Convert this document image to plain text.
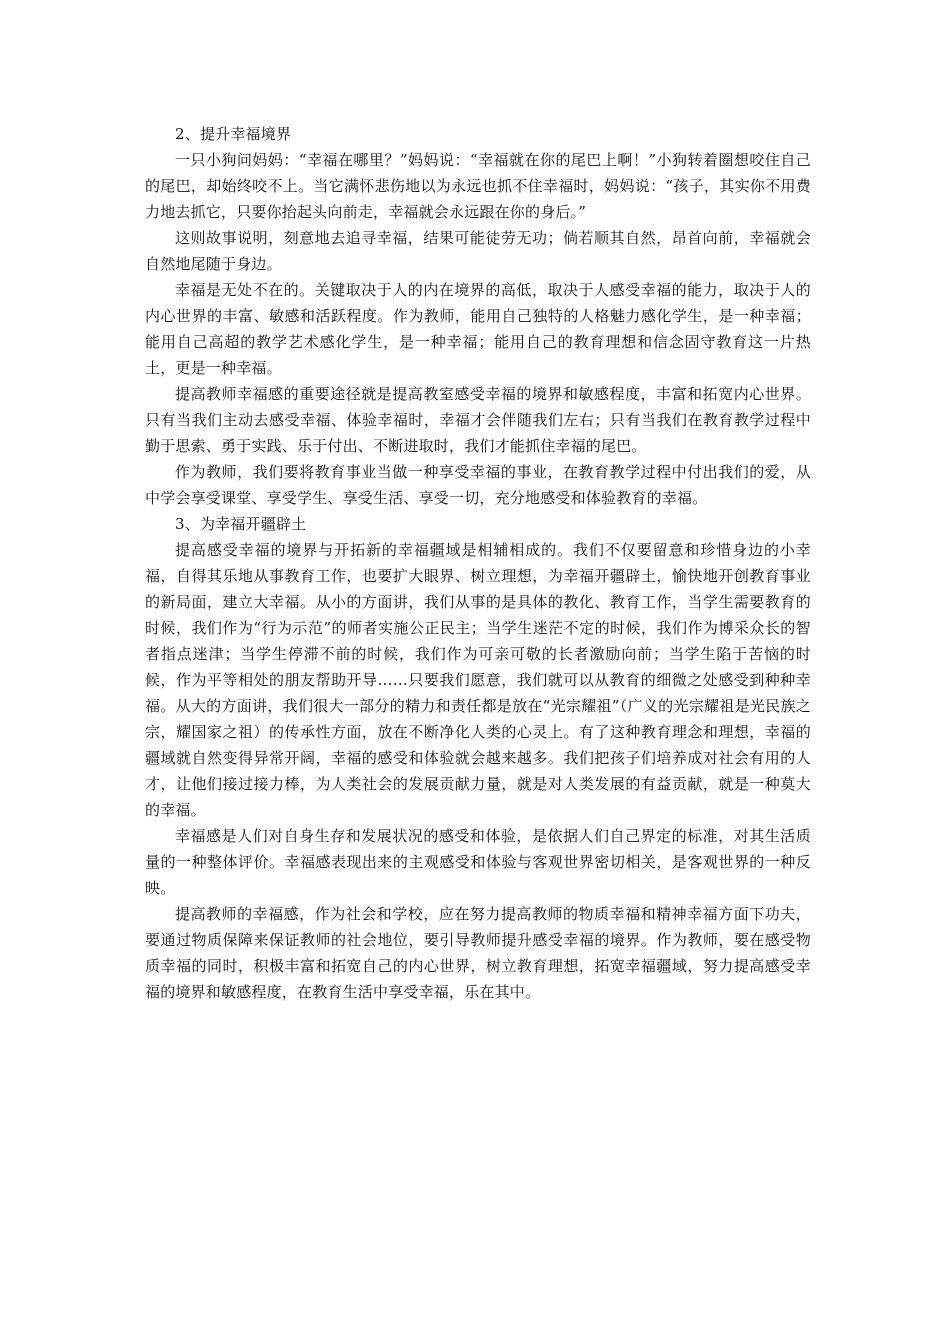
2、提升幸福境界

一只小狗问妈妈：“幸福在哪里？”妈妈说：“幸福就在你的尾巴上啊！”小狗转着圈想咬住自己的尾巴，却始终咬不上。当它满怀悲伤地以为永远也抓不住幸福时，妈妈说：“孩子，其实你不用费力地去抓它，只要你抬起头向前走，幸福就会永远跟在你的身后。”

这则故事说明，刻意地去追寻幸福，结果可能徒劳无功；倘若顺其自然，昂首向前，幸福就会自然地尾随于身边。

幸福是无处不在的。关键取决于人的内在境界的高低，取决于人感受幸福的能力，取决于人的内心世界的丰富、敏感和活跃程度。作为教师，能用自己独特的人格魅力感化学生，是一种幸福；能用自己高超的教学艺术感化学生，是一种幸福；能用自己的教育理想和信念固守教育这一片热土，更是一种幸福。

提高教师幸福感的重要途径就是提高教室感受幸福的境界和敏感程度，丰富和拓宽内心世界。只有当我们主动去感受幸福、体验幸福时，幸福才会伴随我们左右；只有当我们在教育教学过程中勤于思索、勇于实践、乐于付出、不断进取时，我们才能抓住幸福的尾巴。

作为教师，我们要将教育事业当做一种享受幸福的事业，在教育教学过程中付出我们的爱，从中学会享受课堂、享受学生、享受生活、享受一切，充分地感受和体验教育的幸福。

3、为幸福开疆辟土

提高感受幸福的境界与开拓新的幸福疆域是相辅相成的。我们不仅要留意和珍惜身边的小幸福，自得其乐地从事教育工作，也要扩大眼界、树立理想，为幸福开疆辟土，愉快地开创教育事业的新局面，建立大幸福。从小的方面讲，我们从事的是具体的教化、教育工作，当学生需要教育的时候，我们作为“行为示范”的师者实施公正民主；当学生迷茫不定的时候，我们作为博采众长的智者指点迷津；当学生停滞不前的时候，我们作为可亲可敬的长者激励向前；当学生陷于苦恼的时候，作为平等相处的朋友帮助开导……只要我们愿意，我们就可以从教育的细微之处感受到种种幸福。从大的方面讲，我们很大一部分的精力和责任都是放在“光宗耀祖”（广义的光宗耀祖是光民族之宗，耀国家之祖）的传承性方面，放在不断净化人类的心灵上。有了这种教育理念和理想，幸福的疆域就自然变得异常开阔，幸福的感受和体验就会越来越多。我们把孩子们培养成对社会有用的人才，让他们接过接力棒，为人类社会的发展贡献力量，就是对人类发展的有益贡献，就是一种莫大的幸福。

幸福感是人们对自身生存和发展状况的感受和体验，是依据人们自己界定的标准，对其生活质量的一种整体评价。幸福感表现出来的主观感受和体验与客观世界密切相关，是客观世界的一种反映。

提高教师的幸福感，作为社会和学校，应在努力提高教师的物质幸福和精神幸福方面下功夫，要通过物质保障来保证教师的社会地位，要引导教师提升感受幸福的境界。作为教师，要在感受物质幸福的同时，积极丰富和拓宽自己的内心世界，树立教育理想，拓宽幸福疆域，努力提高感受幸福的境界和敏感程度，在教育生活中享受幸福，乐在其中。
